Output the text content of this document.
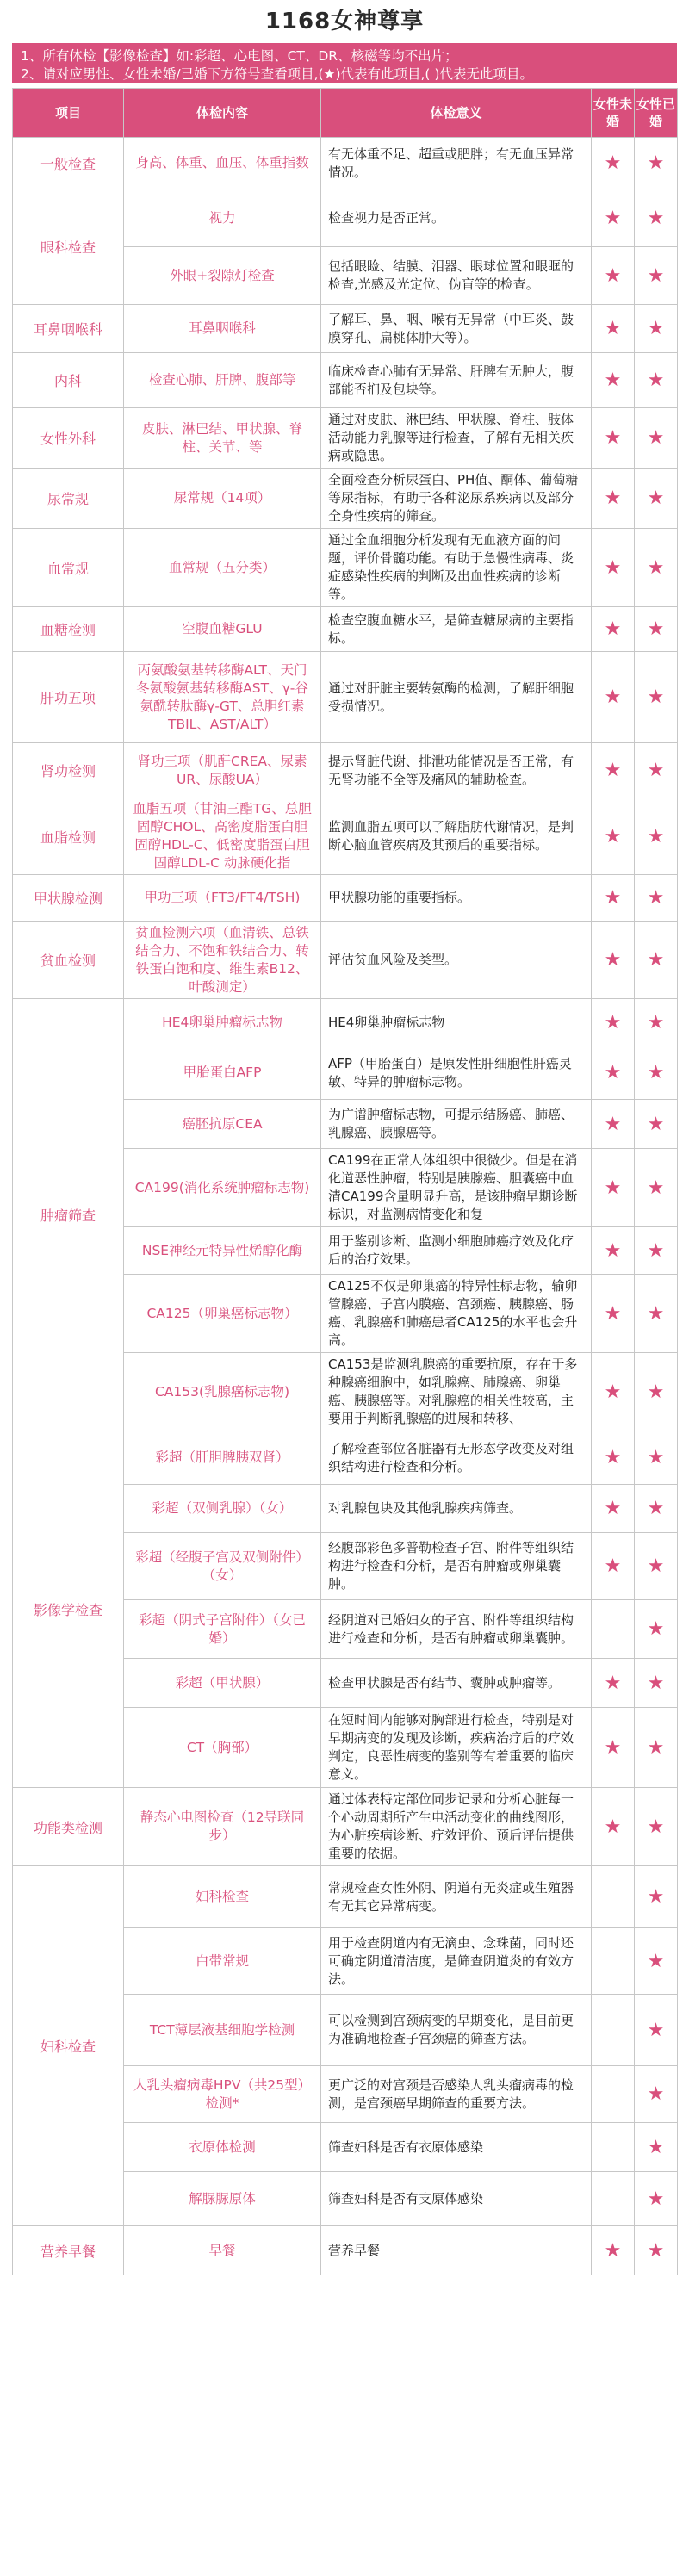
1168女神尊享
1、所有体检【影像检查】如:彩超、心电图、CT、DR、核磁等均不出片；
2、请对应男性、女性未婚/已婚下方符号查看项目,(★)代表有此项目,( )代表无此项目。
项目	体检内容	体检意义	女性未婚	女性已婚
一般检查	身高、体重、血压、体重指数	有无体重不足、超重或肥胖；有无血压异常情况。	★	★
眼科检查	视力	检查视力是否正常。	★	★
	外眼+裂隙灯检查	包括眼睑、结膜、泪器、眼球位置和眼眶的检查,光感及光定位、伪盲等的检查。	★	★
耳鼻咽喉科	耳鼻咽喉科	了解耳、鼻、咽、喉有无异常（中耳炎、鼓膜穿孔、扁桃体肿大等）。	★	★
内科	检查心肺、肝脾、腹部等	临床检查心肺有无异常、肝脾有无肿大，腹部能否扪及包块等。	★	★
女性外科	皮肤、淋巴结、甲状腺、脊柱、关节、等	通过对皮肤、淋巴结、甲状腺、脊柱、肢体活动能力乳腺等进行检查，了解有无相关疾病或隐患。	★	★
尿常规	尿常规（14项）	全面检查分析尿蛋白、PH值、酮体、葡萄糖等尿指标，有助于各种泌尿系疾病以及部分全身性疾病的筛查。	★	★
血常规	血常规（五分类）	通过全血细胞分析发现有无血液方面的问题，评价骨髓功能。有助于急慢性病毒、炎症感染性疾病的判断及出血性疾病的诊断等。	★	★
血糖检测	空腹血糖GLU	检查空腹血糖水平，是筛查糖尿病的主要指标。	★	★
肝功五项	丙氨酸氨基转移酶ALT、天门冬氨酸氨基转移酶AST、γ-谷氨酰转肽酶γ-GT、总胆红素TBIL、AST/ALT）	通过对肝脏主要转氨酶的检测，了解肝细胞受损情况。	★	★
肾功检测	肾功三项（肌酐CREA、尿素UR、尿酸UA）	提示肾脏代谢、排泄功能情况是否正常，有无肾功能不全等及痛风的辅助检查。	★	★
血脂检测	血脂五项（甘油三酯TG、总胆固醇CHOL、高密度脂蛋白胆固醇HDL-C、低密度脂蛋白胆固醇LDL-C 动脉硬化指	监测血脂五项可以了解脂肪代谢情况，是判断心脑血管疾病及其预后的重要指标。	★	★
甲状腺检测	甲功三项（FT3/FT4/TSH)	甲状腺功能的重要指标。	★	★
贫血检测	贫血检测六项（血清铁、总铁结合力、不饱和铁结合力、转铁蛋白饱和度、维生素B12、叶酸测定）	评估贫血风险及类型。	★	★
肿瘤筛查	HE4卵巢肿瘤标志物	HE4卵巢肿瘤标志物	★	★
	甲胎蛋白AFP	AFP（甲胎蛋白）是原发性肝细胞性肝癌灵敏、特异的肿瘤标志物。	★	★
	癌胚抗原CEA	为广谱肿瘤标志物，可提示结肠癌、肺癌、乳腺癌、胰腺癌等。	★	★
	CA199(消化系统肿瘤标志物)	CA199在正常人体组织中很微少。但是在消化道恶性肿瘤，特别是胰腺癌、胆囊癌中血清CA199含量明显升高，是该肿瘤早期诊断标识，对监测病情变化和复	★	★
	NSE神经元特异性烯醇化酶	用于鉴别诊断、监测小细胞肺癌疗效及化疗后的治疗效果。	★	★
	CA125（卵巢癌标志物）	CA125不仅是卵巢癌的特异性标志物，输卵管腺癌、子宫内膜癌、宫颈癌、胰腺癌、肠癌、乳腺癌和肺癌患者CA125的水平也会升高。	★	★
	CA153(乳腺癌标志物)	CA153是监测乳腺癌的重要抗原，存在于多种腺癌细胞中，如乳腺癌、肺腺癌、卵巢癌、胰腺癌等。对乳腺癌的相关性较高，主要用于判断乳腺癌的进展和转移、	★	★
影像学检查	彩超（肝胆脾胰双肾）	了解检查部位各脏器有无形态学改变及对组织结构进行检查和分析。	★	★
	彩超（双侧乳腺）（女）	对乳腺包块及其他乳腺疾病筛查。	★	★
	彩超（经腹子宫及双侧附件）（女）	经腹部彩色多普勒检查子宫、附件等组织结构进行检查和分析，是否有肿瘤或卵巢囊肿。	★	★
	彩超（阴式子宫附件）（女已婚）	经阴道对已婚妇女的子宫、附件等组织结构进行检查和分析，是否有肿瘤或卵巢囊肿。		★
	彩超（甲状腺）	检查甲状腺是否有结节、囊肿或肿瘤等。	★	★
	CT（胸部）	在短时间内能够对胸部进行检查，特别是对早期病变的发现及诊断，疾病治疗后的疗效判定，良恶性病变的鉴别等有着重要的临床意义。	★	★
功能类检测	静态心电图检查（12导联同步）	通过体表特定部位同步记录和分析心脏每一个心动周期所产生电活动变化的曲线图形，为心脏疾病诊断、疗效评价、预后评估提供重要的依据。	★	★
妇科检查	妇科检查	常规检查女性外阴、阴道有无炎症或生殖器有无其它异常病变。		★
	白带常规	用于检查阴道内有无滴虫、念珠菌，同时还可确定阴道清洁度，是筛查阴道炎的有效方法。		★
	TCT薄层液基细胞学检测	可以检测到宫颈病变的早期变化，是目前更为准确地检查子宫颈癌的筛查方法。		★
	人乳头瘤病毒HPV（共25型）检测*	更广泛的对宫颈是否感染人乳头瘤病毒的检测，是宫颈癌早期筛查的重要方法。		★
	衣原体检测	筛查妇科是否有衣原体感染		★
	解脲脲原体	筛查妇科是否有支原体感染		★
营养早餐	早餐	营养早餐	★	★
